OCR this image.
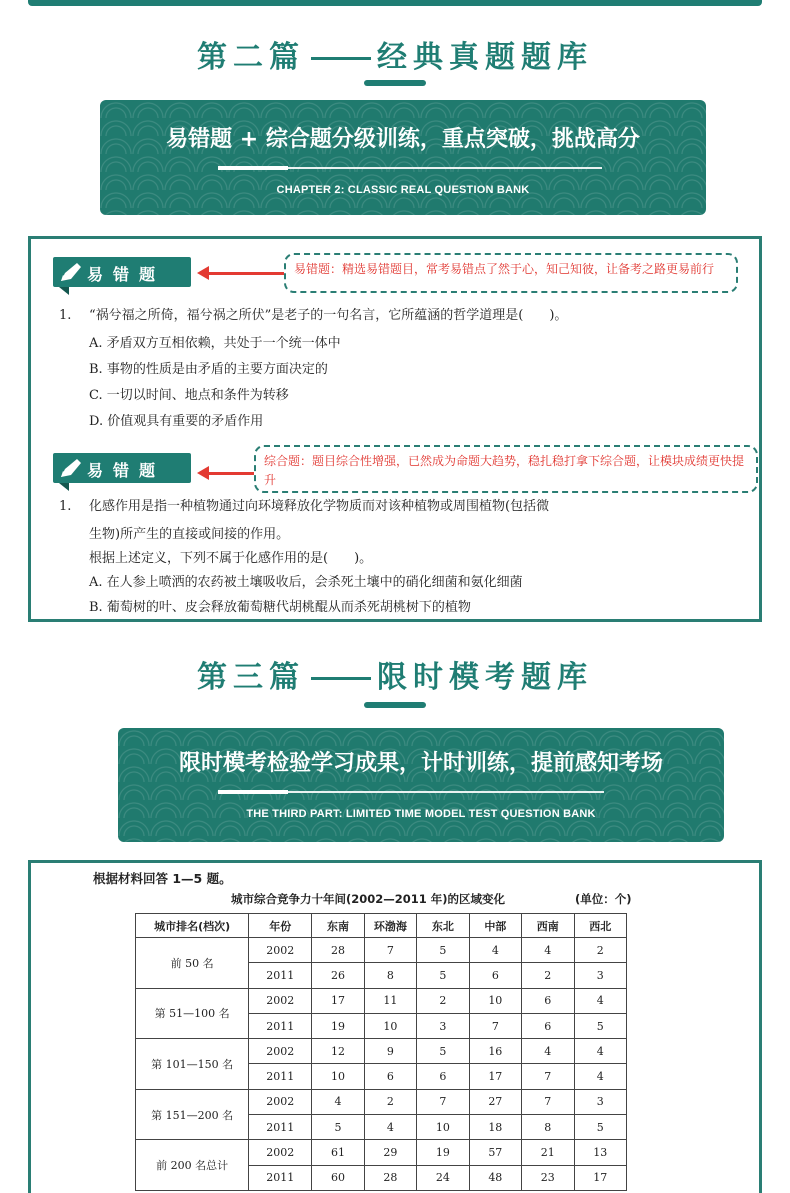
第二篇 经典真题题库
易错题 + 综合题分级训练，重点突破，挑战高分
CHAPTER 2: CLASSIC REAL QUESTION BANK
易错题	易错题：精选易错题目，常考易错点了然于心，知己知彼，让备考之路更易前行
1. “祸兮福之所倚，福兮祸之所伏”是老子的一句名言，它所蕴涵的哲学道理是(　　)。
A. 矛盾双方互相依赖，共处于一个统一体中
B. 事物的性质是由矛盾的主要方面决定的
C. 一切以时间、地点和条件为转移
D. 价值观具有重要的矛盾作用
易错题	综合题：题目综合性增强，已然成为命题大趋势，稳扎稳打拿下综合题，让模块成绩更快提升
1. 化感作用是指一种植物通过向环境释放化学物质而对该种植物或周围植物(包括微
生物)所产生的直接或间接的作用。
根据上述定义，下列不属于化感作用的是(　　)。
A. 在人参上喷洒的农药被土壤吸收后，会杀死土壤中的硝化细菌和氨化细菌
B. 葡萄树的叶、皮会释放葡萄糖代胡桃醌从而杀死胡桃树下的植物
第三篇 限时模考题库
限时模考检验学习成果，计时训练，提前感知考场
THE THIRD PART: LIMITED TIME MODEL TEST QUESTION BANK
根据材料回答 1—5 题。
城市综合竞争力十年间(2002—2011 年)的区域变化	(单位：个)
城市排名(档次)	年份	东南	环渤海	东北	中部	西南	西北
前 50 名	2002	28	7	5	4	4	2
	2011	26	8	5	6	2	3
第 51—100 名	2002	17	11	2	10	6	4
	2011	19	10	3	7	6	5
第 101—150 名	2002	12	9	5	16	4	4
	2011	10	6	6	17	7	4
第 151—200 名	2002	4	2	7	27	7	3
	2011	5	4	10	18	8	5
前 200 名总计	2002	61	29	19	57	21	13
	2011	60	28	24	48	23	17
